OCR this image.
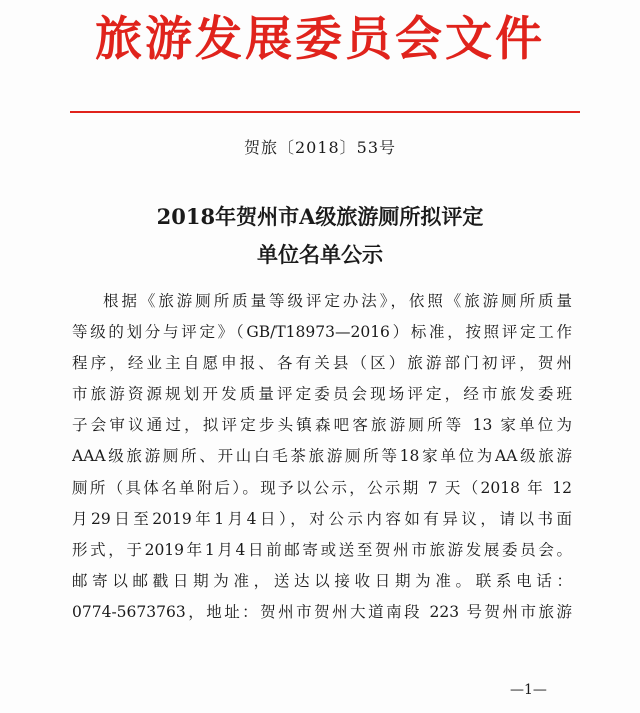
旅游发展委员会文件
贺旅〔2018〕53号
2018年贺州市A级旅游厕所拟评定
单位名单公示
根据《旅游厕所质量等级评定办法》，依照《旅游厕所质量
等级的划分与评定》（GB/T18973—2016）标准，按照评定工作
程序，经业主自愿申报、各有关县（区）旅游部门初评，贺州
市旅游资源规划开发质量评定委员会现场评定，经市旅发委班
子会审议通过，拟评定步头镇森吧客旅游厕所等 13 家单位为
AAA级旅游厕所、开山白毛茶旅游厕所等18家单位为AA级旅游
厕所（具体名单附后）。现予以公示，公示期 7 天（2018 年 12
月29日至2019年1月4日），对公示内容如有异议，请以书面
形式，于2019年1月4日前邮寄或送至贺州市旅游发展委员会。
邮寄以邮戳日期为准，送达以接收日期为准。联系电话：
0774-5673763，地址：贺州市贺州大道南段 223 号贺州市旅游
—1—
